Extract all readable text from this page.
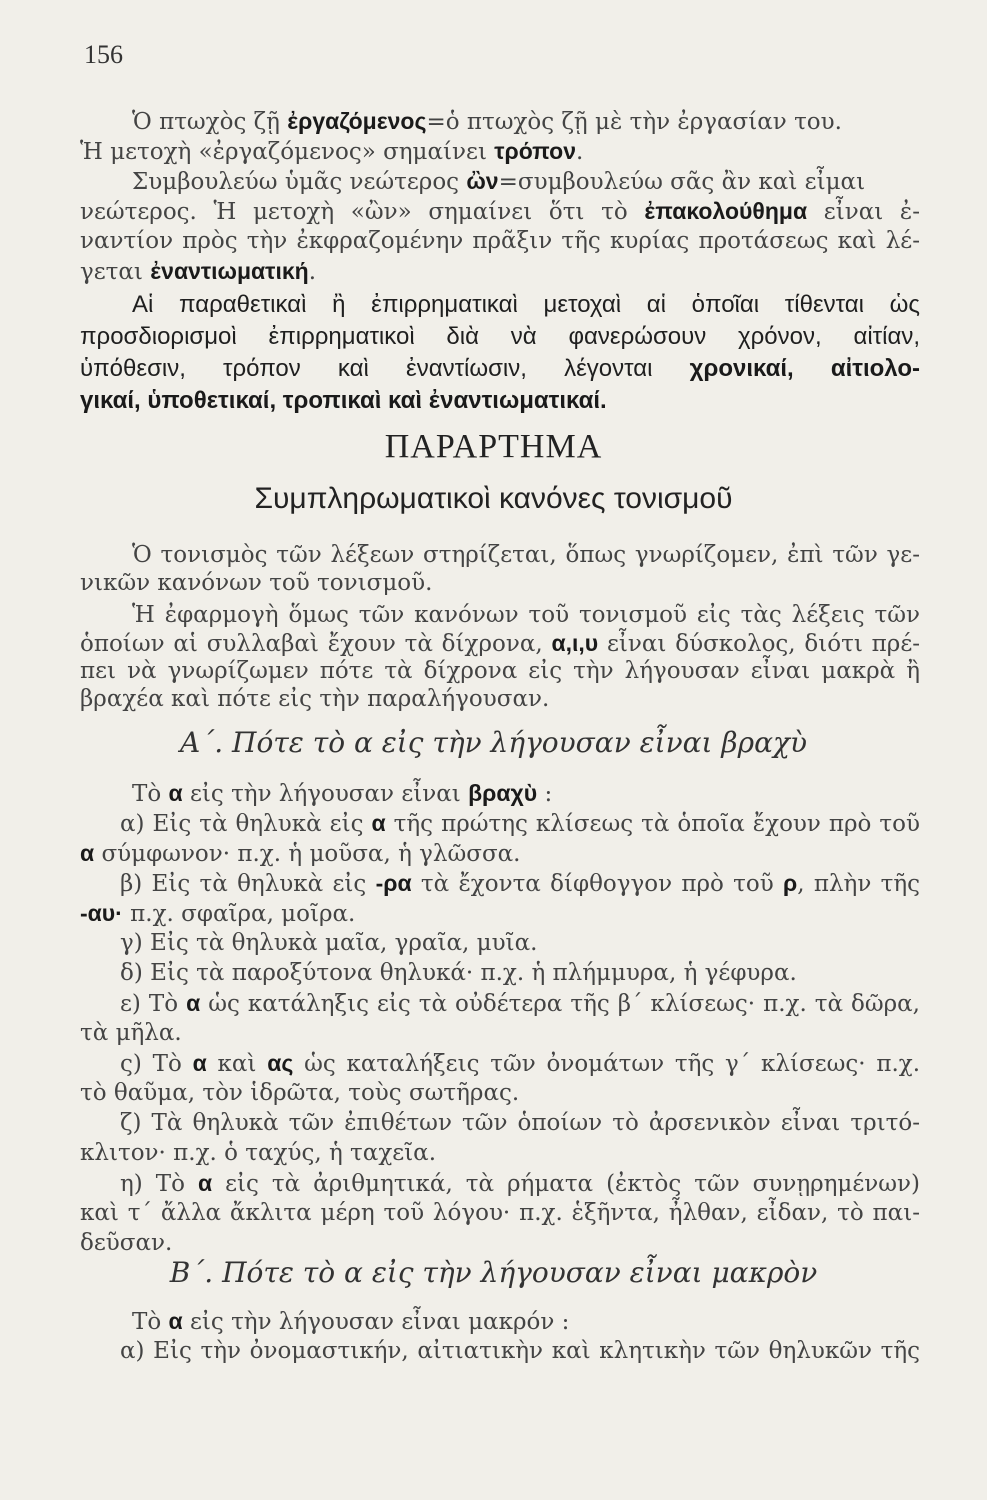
156
Ὁ πτωχὸς ζῇ ἐργαζόμενος=ὁ πτωχὸς ζῇ μὲ τὴν ἐργασίαν του.
Ἡ μετοχὴ «ἐργαζόμενος» σημαίνει τρόπον.
Συμβουλεύω ὑμᾶς νεώτερος ὢν=συμβουλεύω σᾶς ἂν καὶ εἶμαι
νεώτερος. Ἡ μετοχὴ «ὢν» σημαίνει ὅτι τὸ ἐπακολούθημα εἶναι ἐ-
ναντίον πρὸς τὴν ἐκφραζομένην πρᾶξιν τῆς κυρίας προτάσεως καὶ λέ-
γεται ἐναντιωματική.
Αἱ παραθετικαὶ ἢ ἐπιρρηματικαὶ μετοχαὶ αἱ ὁποῖαι τίθενται ὡς
προσδιορισμοὶ ἐπιρρηματικοὶ διὰ νὰ φανερώσουν χρόνον, αἰτίαν,
ὑπόθεσιν, τρόπον καὶ ἐναντίωσιν, λέγονται χρονικαί, αἰτιολο-
γικαί, ὑποθετικαί, τροπικαὶ καὶ ἐναντιωματικαί.
ΠΑΡΑΡΤΗΜΑ
Συμπληρωματικοὶ κανόνες τονισμοῦ
Ὁ τονισμὸς τῶν λέξεων στηρίζεται, ὅπως γνωρίζομεν, ἐπὶ τῶν γε-
νικῶν κανόνων τοῦ τονισμοῦ.
Ἡ ἐφαρμογὴ ὅμως τῶν κανόνων τοῦ τονισμοῦ εἰς τὰς λέξεις τῶν
ὁποίων αἱ συλλαβαὶ ἔχουν τὰ δίχρονα, α,ι,υ εἶναι δύσκολος, διότι πρέ-
πει νὰ γνωρίζωμεν πότε τὰ δίχρονα εἰς τὴν λήγουσαν εἶναι μακρὰ ἢ
βραχέα καὶ πότε εἰς τὴν παραλήγουσαν.
Α΄. Πότε τὸ α εἰς τὴν λήγουσαν εἶναι βραχὺ
Τὸ α εἰς τὴν λήγουσαν εἶναι βραχὺ :
α) Εἰς τὰ θηλυκὰ εἰς α τῆς πρώτης κλίσεως τὰ ὁποῖα ἔχουν πρὸ τοῦ
α σύμφωνον· π.χ. ἡ μοῦσα, ἡ γλῶσσα.
β) Εἰς τὰ θηλυκὰ εἰς -ρα τὰ ἔχοντα δίφθογγον πρὸ τοῦ ρ, πλὴν τῆς
-αυ· π.χ. σφαῖρα, μοῖρα.
γ) Εἰς τὰ θηλυκὰ μαῖα, γραῖα, μυῖα.
δ) Εἰς τὰ παροξύτονα θηλυκά· π.χ. ἡ πλήμμυρα, ἡ γέφυρα.
ε) Τὸ α ὡς κατάληξις εἰς τὰ οὐδέτερα τῆς β΄ κλίσεως· π.χ. τὰ δῶρα,
τὰ μῆλα.
ς) Τὸ α καὶ ας ὡς καταλήξεις τῶν ὀνομάτων τῆς γ΄ κλίσεως· π.χ.
τὸ θαῦμα, τὸν ἱδρῶτα, τοὺς σωτῆρας.
ζ) Τὰ θηλυκὰ τῶν ἐπιθέτων τῶν ὁποίων τὸ ἀρσενικὸν εἶναι τριτό-
κλιτον· π.χ. ὁ ταχύς, ἡ ταχεῖα.
η) Τὸ α εἰς τὰ ἀριθμητικά, τὰ ρήματα (ἐκτὸς τῶν συνῃρημένων)
καὶ τ΄ ἄλλα ἄκλιτα μέρη τοῦ λόγου· π.χ. ἑξῆντα, ἦλθαν, εἶδαν, τὸ παι-
δεῦσαν.
Β΄. Πότε τὸ α εἰς τὴν λήγουσαν εἶναι μακρὸν
Τὸ α εἰς τὴν λήγουσαν εἶναι μακρόν :
α) Εἰς τὴν ὀνομαστικήν, αἰτιατικὴν καὶ κλητικὴν τῶν θηλυκῶν τῆς
